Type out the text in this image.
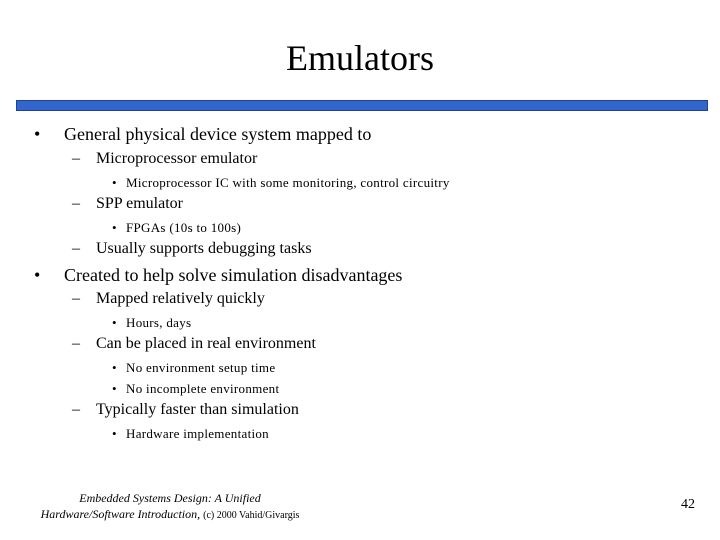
Emulators
• General physical device system mapped to
– Microprocessor emulator
• Microprocessor IC with some monitoring, control circuitry
– SPP emulator
• FPGAs (10s to 100s)
– Usually supports debugging tasks
• Created to help solve simulation disadvantages
– Mapped relatively quickly
• Hours, days
– Can be placed in real environment
• No environment setup time
• No incomplete environment
– Typically faster than simulation
• Hardware implementation
Embedded Systems Design: A Unified
Hardware/Software Introduction, (c) 2000 Vahid/Givargis
42
